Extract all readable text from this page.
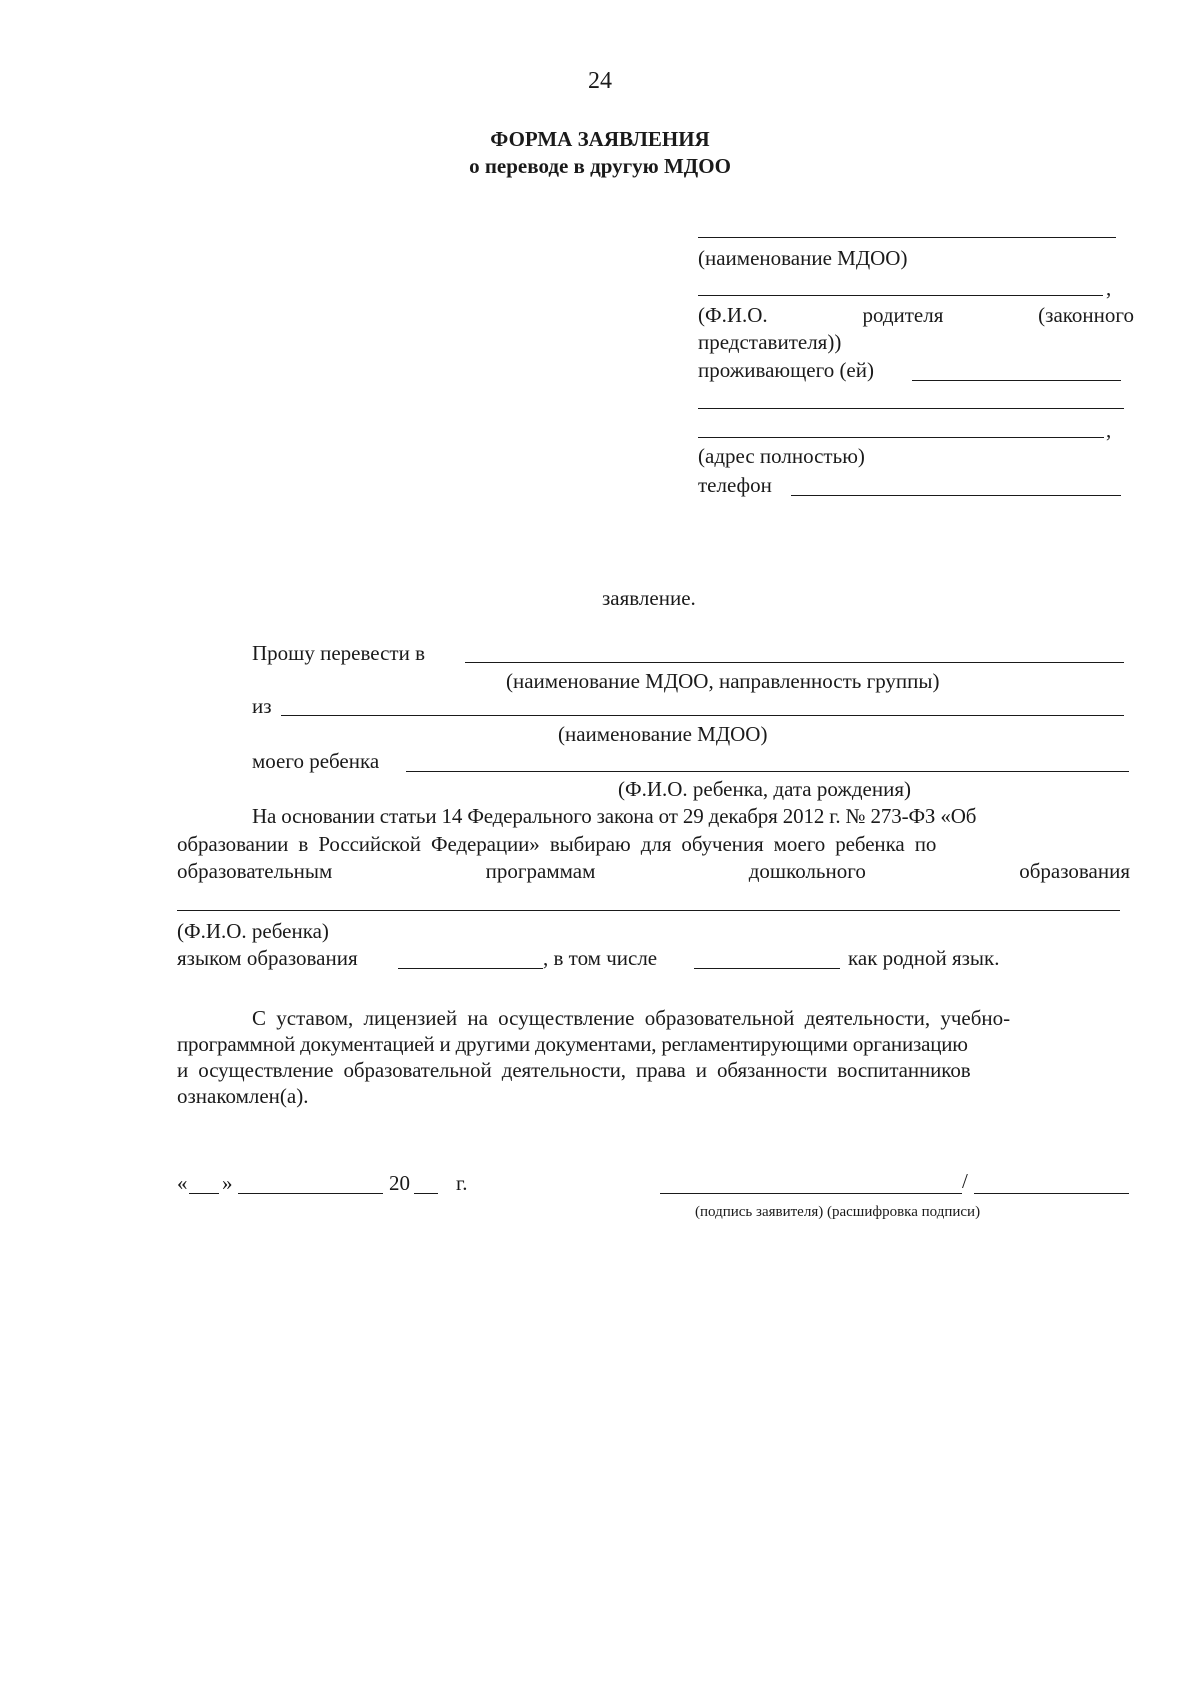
24
ФОРМА ЗАЯВЛЕНИЯ
о переводе в другую МДОО
(наименование МДОО)
,
(Ф.И.О.	родителя	(законного
представителя))
проживающего (ей)
,
(адрес полностью)
телефон
заявление.
Прошу перевести в
(наименование МДОО, направленность группы)
из
(наименование МДОО)
моего ребенка
(Ф.И.О. ребенка, дата рождения)
На основании статьи 14 Федерального закона от 29 декабря 2012 г. № 273-ФЗ «Об
образовании в Российской Федерации» выбираю для обучения моего ребенка по
образовательным	программам	дошкольного	образования
(Ф.И.О. ребенка)
языком образования	, в том числе	как родной язык.
С уставом, лицензией на осуществление образовательной деятельности, учебно-
программной документацией и другими документами, регламентирующими организацию
и осуществление образовательной деятельности, права и обязанности воспитанников
ознакомлен(а).
« »	20 г.	/
(подпись заявителя) (расшифровка подписи)
